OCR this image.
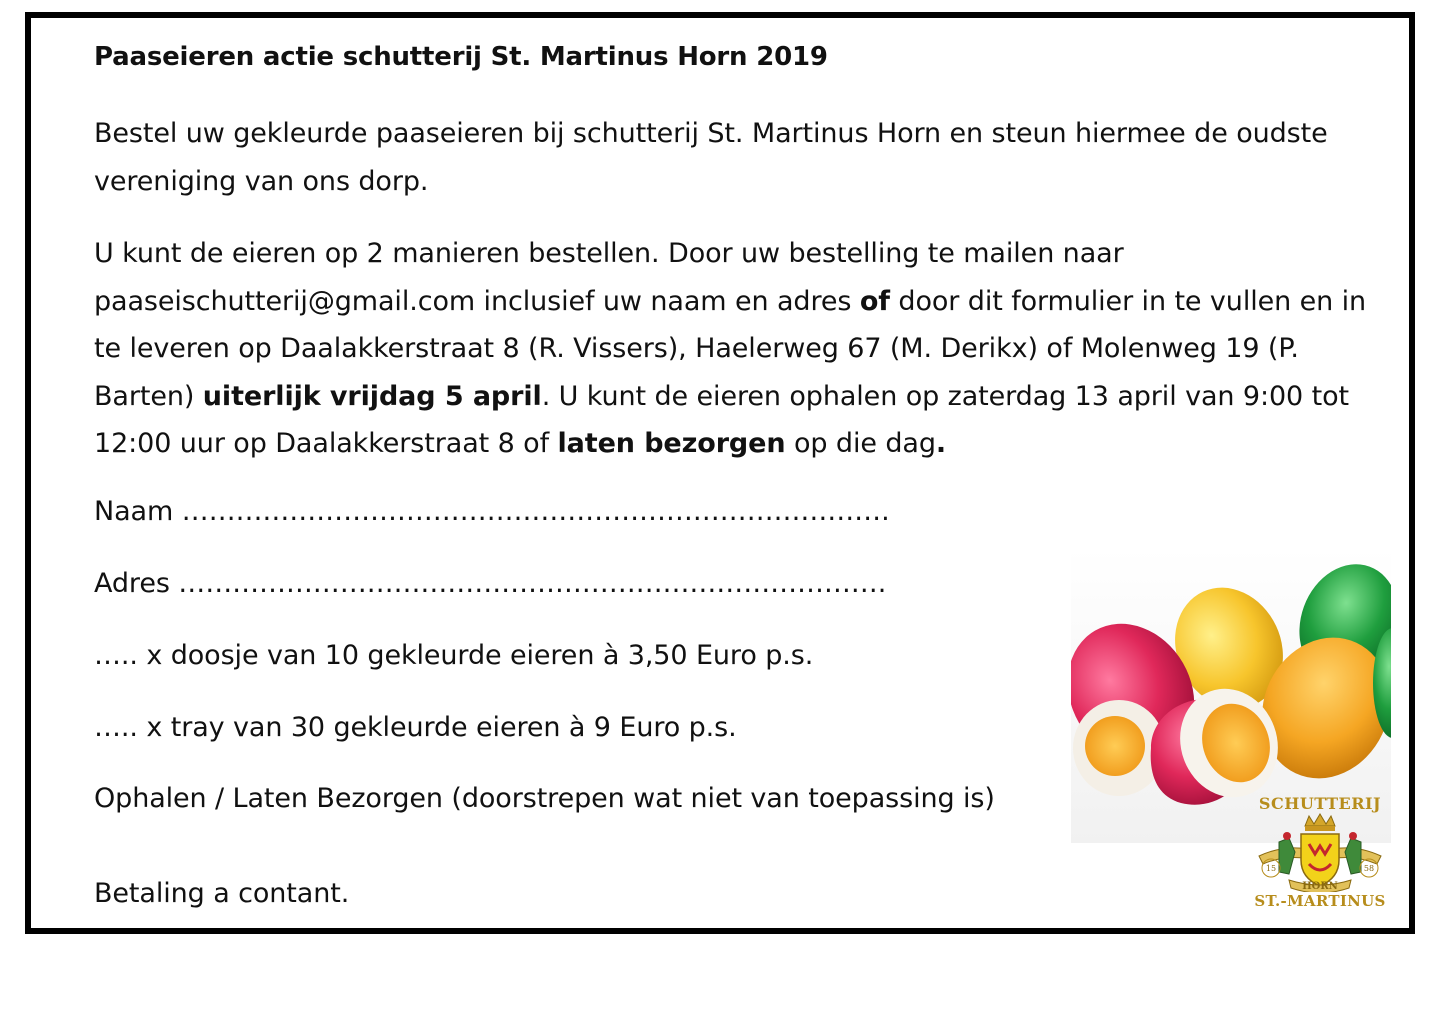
Paaseieren actie schutterij St. Martinus Horn 2019
Bestel uw gekleurde paaseieren bij schutterij St. Martinus Horn en steun hiermee de oudste vereniging van ons dorp.
U kunt de eieren op 2 manieren bestellen. Door uw bestelling te mailen naar paaseischutterij@gmail.com inclusief uw naam en adres of door dit formulier in te vullen en in te leveren op Daalakkerstraat 8 (R. Vissers), Haelerweg 67 (M. Derikx) of Molenweg 19 (P. Barten) uiterlijk vrijdag 5 april. U kunt de eieren ophalen op zaterdag 13 april van 9:00 tot 12:00 uur op Daalakkerstraat 8 of laten bezorgen op die dag.
Naam …………………………………………………………………….
Adres …………………………………………………………………….
….. x doosje van 10 gekleurde eieren à 3,50 Euro p.s.
….. x tray van 30 gekleurde eieren à 9 Euro p.s.
Ophalen / Laten Bezorgen (doorstrepen wat niet van toepassing is)
Betaling a contant.
SCHUTTERIJ
15	58
HORN
ST.-MARTINUS
